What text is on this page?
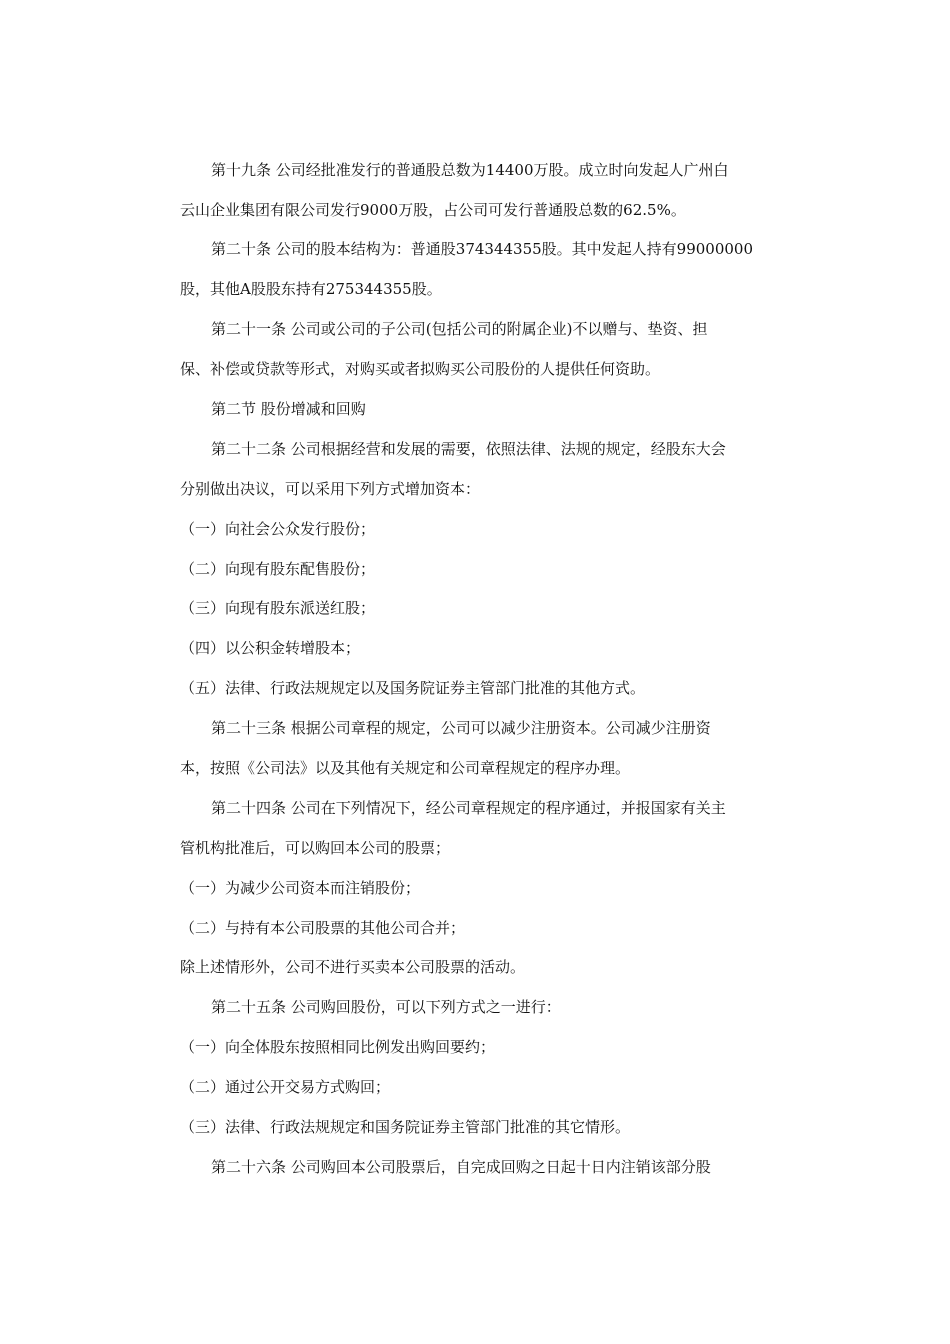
第十九条 公司经批准发行的普通股总数为14400万股。成立时向发起人广州白
云山企业集团有限公司发行9000万股，占公司可发行普通股总数的62.5%。
第二十条 公司的股本结构为：普通股374344355股。其中发起人持有99000000
股，其他A股股东持有275344355股。
第二十一条 公司或公司的子公司(包括公司的附属企业)不以赠与、垫资、担
保、补偿或贷款等形式，对购买或者拟购买公司股份的人提供任何资助。
第二节 股份增减和回购
第二十二条 公司根据经营和发展的需要，依照法律、法规的规定，经股东大会
分别做出决议，可以采用下列方式增加资本：
（一）向社会公众发行股份；
（二）向现有股东配售股份；
（三）向现有股东派送红股；
（四）以公积金转增股本；
（五）法律、行政法规规定以及国务院证券主管部门批准的其他方式。
第二十三条 根据公司章程的规定，公司可以减少注册资本。公司减少注册资
本，按照《公司法》以及其他有关规定和公司章程规定的程序办理。
第二十四条 公司在下列情况下，经公司章程规定的程序通过，并报国家有关主
管机构批准后，可以购回本公司的股票；
（一）为减少公司资本而注销股份；
（二）与持有本公司股票的其他公司合并；
除上述情形外，公司不进行买卖本公司股票的活动。
第二十五条 公司购回股份，可以下列方式之一进行：
（一）向全体股东按照相同比例发出购回要约；
（二）通过公开交易方式购回；
（三）法律、行政法规规定和国务院证券主管部门批准的其它情形。
第二十六条 公司购回本公司股票后，自完成回购之日起十日内注销该部分股
